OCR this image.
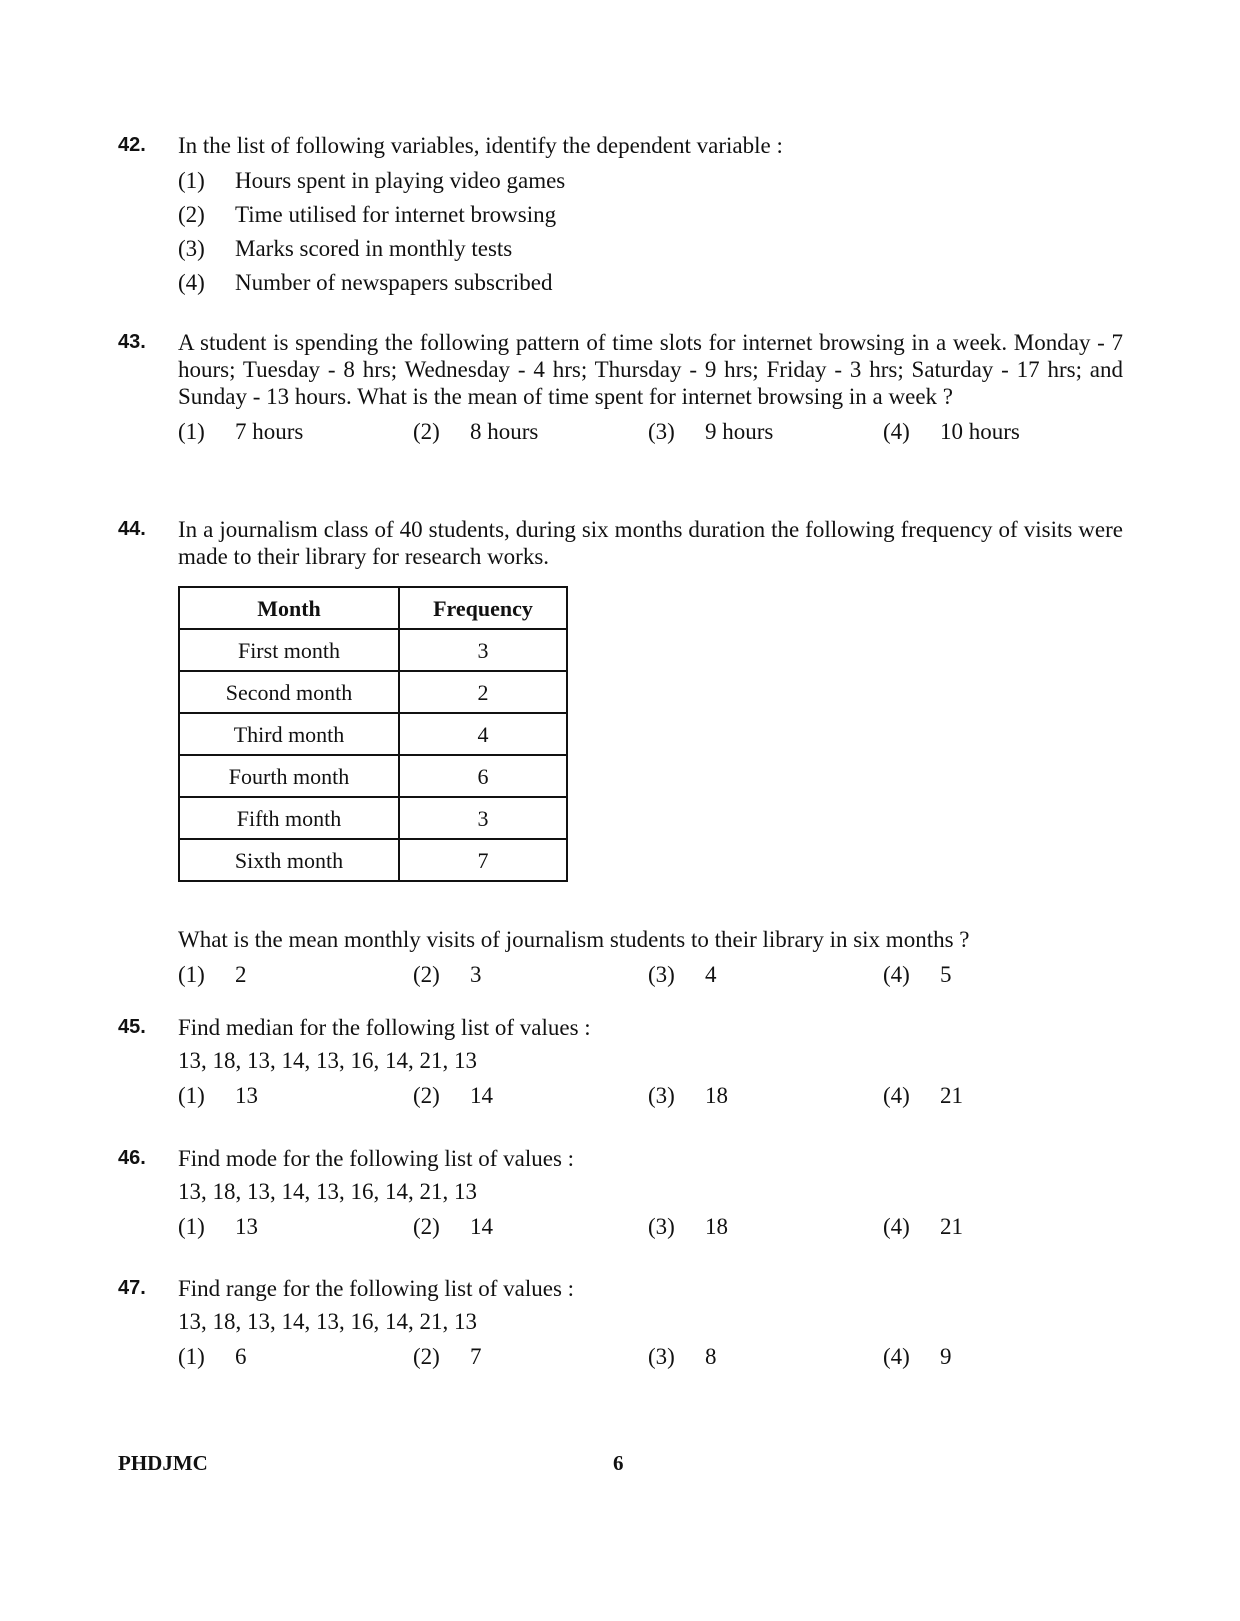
42. In the list of following variables, identify the dependent variable :
(1)	Hours spent in playing video games
(2)	Time utilised for internet browsing
(3)	Marks scored in monthly tests
(4)	Number of newspapers subscribed
43. A student is spending the following pattern of time slots for internet browsing in a week. Monday - 7 hours; Tuesday - 8 hrs; Wednesday - 4 hrs; Thursday - 9 hrs; Friday - 3 hrs; Saturday - 17 hrs; and Sunday - 13 hours. What is the mean of time spent for internet browsing in a week ?
(1)	7 hours	(2)	8 hours	(3)	9 hours	(4)	10 hours
44. In a journalism class of 40 students, during six months duration the following frequency of visits were made to their library for research works.
Month	Frequency
First month	3
Second month	2
Third month	4
Fourth month	6
Fifth month	3
Sixth month	7
What is the mean monthly visits of journalism students to their library in six months ?
(1)	2	(2)	3	(3)	4	(4)	5
45. Find median for the following list of values :
13, 18, 13, 14, 13, 16, 14, 21, 13
(1)	13	(2)	14	(3)	18	(4)	21
46. Find mode for the following list of values :
13, 18, 13, 14, 13, 16, 14, 21, 13
(1)	13	(2)	14	(3)	18	(4)	21
47. Find range for the following list of values :
13, 18, 13, 14, 13, 16, 14, 21, 13
(1)	6	(2)	7	(3)	8	(4)	9
PHDJMC	6
